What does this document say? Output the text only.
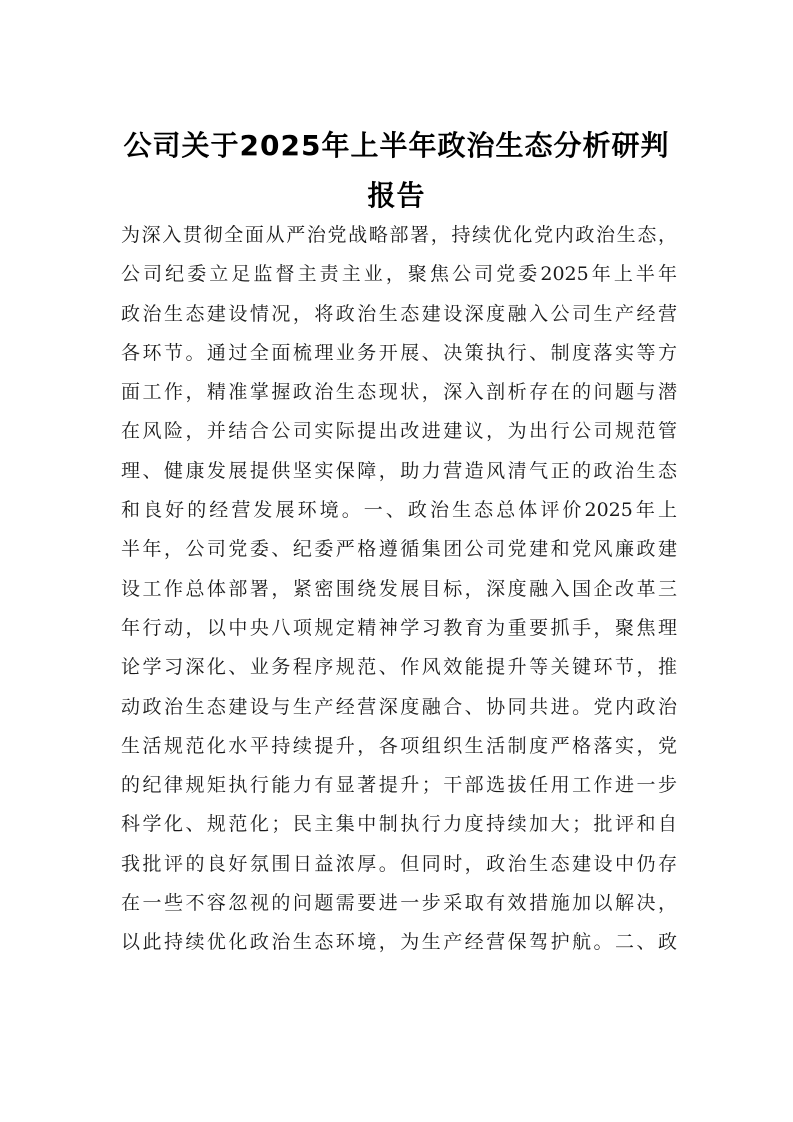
公司关于2025年上半年政治生态分析研判
报告
为深入贯彻全面从严治党战略部署，持续优化党内政治生态，
公司纪委立足监督主责主业，聚焦公司党委2025年上半年
政治生态建设情况，将政治生态建设深度融入公司生产经营
各环节。通过全面梳理业务开展、决策执行、制度落实等方
面工作，精准掌握政治生态现状，深入剖析存在的问题与潜
在风险，并结合公司实际提出改进建议，为出行公司规范管
理、健康发展提供坚实保障，助力营造风清气正的政治生态
和良好的经营发展环境。一、政治生态总体评价2025年上
半年，公司党委、纪委严格遵循集团公司党建和党风廉政建
设工作总体部署，紧密围绕发展目标，深度融入国企改革三
年行动，以中央八项规定精神学习教育为重要抓手，聚焦理
论学习深化、业务程序规范、作风效能提升等关键环节，推
动政治生态建设与生产经营深度融合、协同共进。党内政治
生活规范化水平持续提升，各项组织生活制度严格落实，党
的纪律规矩执行能力有显著提升；干部选拔任用工作进一步
科学化、规范化；民主集中制执行力度持续加大；批评和自
我批评的良好氛围日益浓厚。但同时，政治生态建设中仍存
在一些不容忽视的问题需要进一步采取有效措施加以解决，
以此持续优化政治生态环境，为生产经营保驾护航。二、政
